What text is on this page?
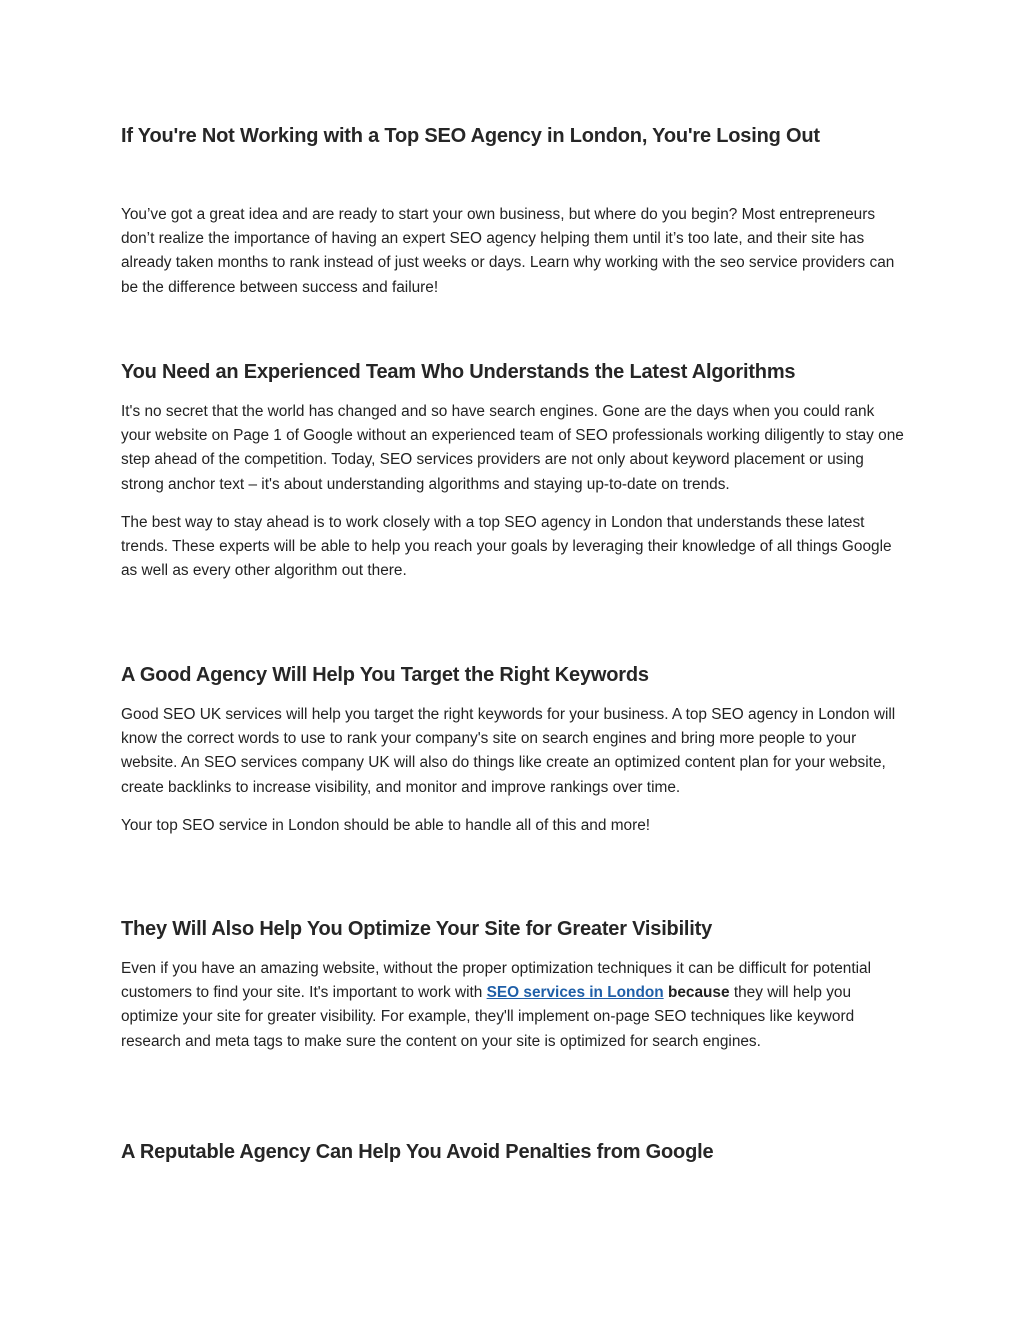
If You're Not Working with a Top SEO Agency in London, You're Losing Out

You’ve got a great idea and are ready to start your own business, but where do you begin? Most entrepreneurs don’t realize the importance of having an expert SEO agency helping them until it’s too late, and their site has already taken months to rank instead of just weeks or days. Learn why working with the seo service providers can be the difference between success and failure!

You Need an Experienced Team Who Understands the Latest Algorithms

It's no secret that the world has changed and so have search engines. Gone are the days when you could rank your website on Page 1 of Google without an experienced team of SEO professionals working diligently to stay one step ahead of the competition. Today, SEO services providers are not only about keyword placement or using strong anchor text – it's about understanding algorithms and staying up-to-date on trends.

The best way to stay ahead is to work closely with a top SEO agency in London that understands these latest trends. These experts will be able to help you reach your goals by leveraging their knowledge of all things Google as well as every other algorithm out there.

A Good Agency Will Help You Target the Right Keywords

Good SEO UK services will help you target the right keywords for your business. A top SEO agency in London will know the correct words to use to rank your company's site on search engines and bring more people to your website. An SEO services company UK will also do things like create an optimized content plan for your website, create backlinks to increase visibility, and monitor and improve rankings over time.

Your top SEO service in London should be able to handle all of this and more!

They Will Also Help You Optimize Your Site for Greater Visibility

Even if you have an amazing website, without the proper optimization techniques it can be difficult for potential customers to find your site. It's important to work with SEO services in London because they will help you optimize your site for greater visibility. For example, they'll implement on-page SEO techniques like keyword research and meta tags to make sure the content on your site is optimized for search engines.

A Reputable Agency Can Help You Avoid Penalties from Google
